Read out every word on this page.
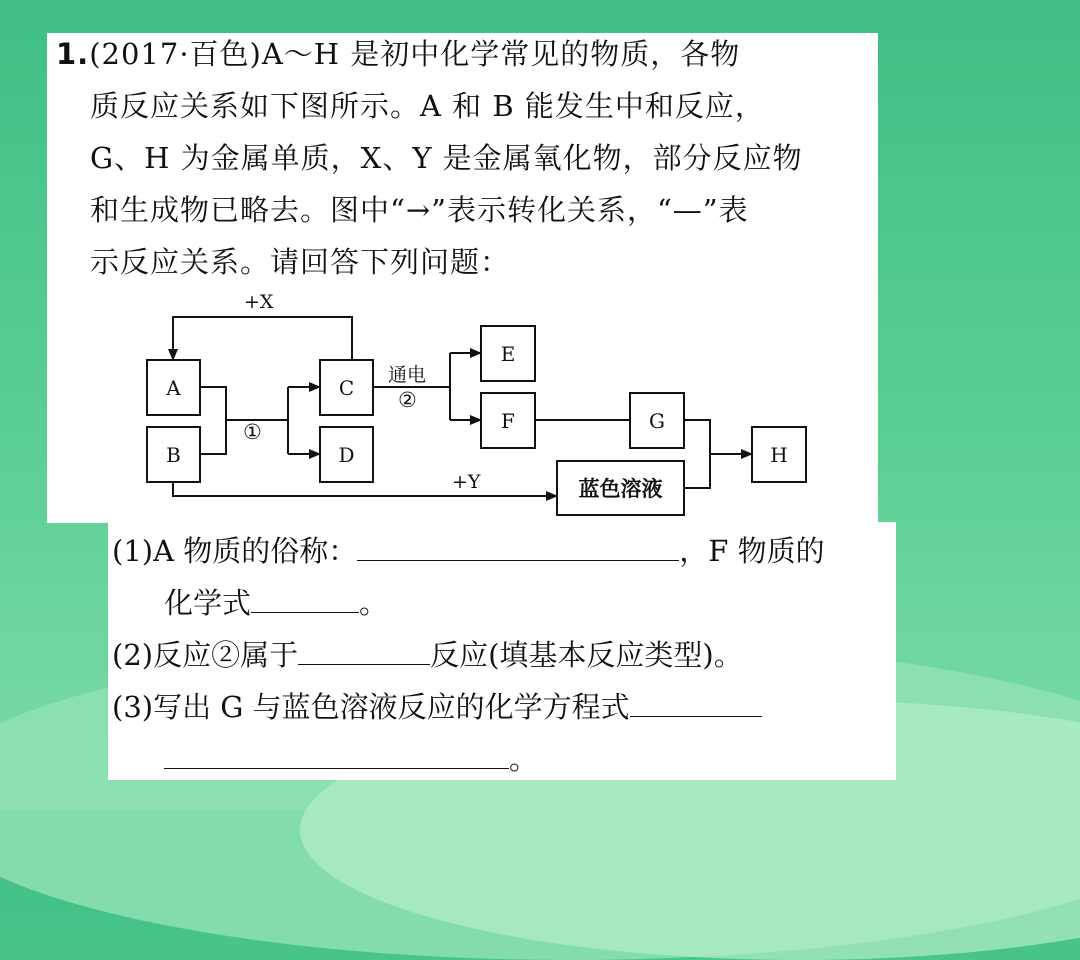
1.(2017·百色)A～H 是初中化学常见的物质，各物
质反应关系如下图所示。A 和 B 能发生中和反应，
G、H 为金属单质，X、Y 是金属氧化物，部分反应物
和生成物已略去。图中“→”表示转化关系，“—”表
示反应关系。请回答下列问题：
A
B
C
D
E
F	G
H
蓝色溶液
+X
+Y
①
通电
②
(1)A 物质的俗称：	，F 物质的
化学式	。
(2)反应②属于	反应(填基本反应类型)。
(3)写出 G 与蓝色溶液反应的化学方程式
。
